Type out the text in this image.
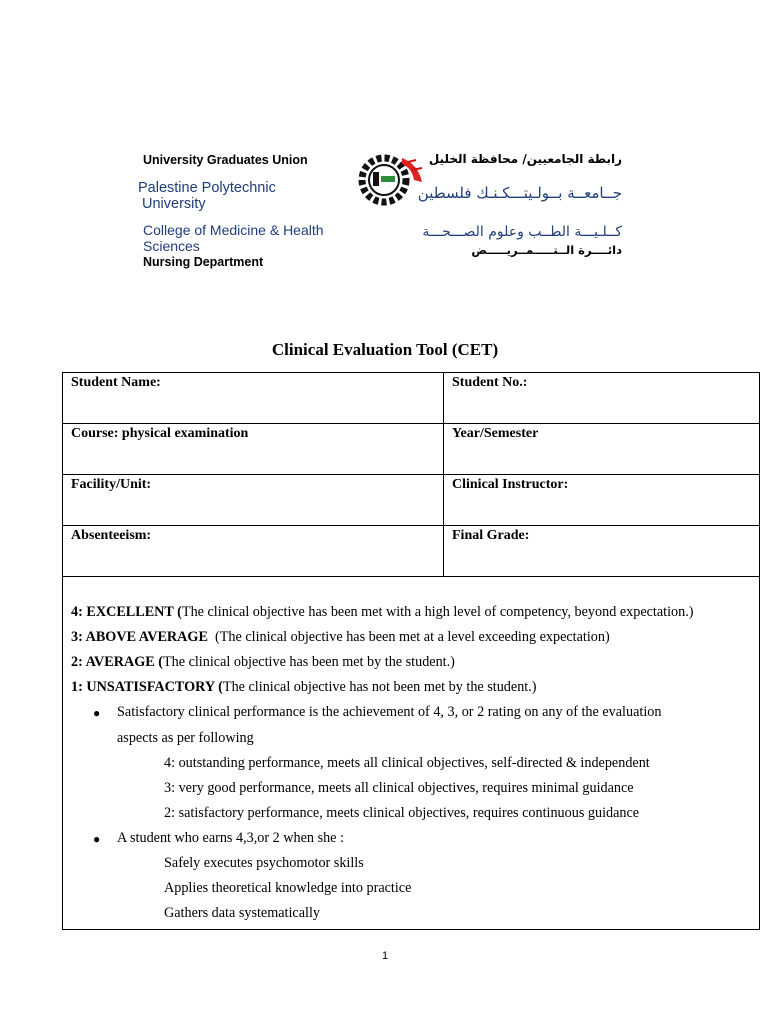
University Graduates Union
Palestine Polytechnic
University
College of Medicine & Health
Sciences
Nursing Department
رابطة الجامعيين/ محافظة الخليل
جــامعــة بــولـيتـــكـنـك فلسطين
كــلـيـــة الطــب وعلوم الصـــحـــة
دائــــرة الــتـــــمــريـــــض
Clinical Evaluation Tool (CET)
Student Name:	Student No.:
Course: physical examination	Year/Semester
Facility/Unit:	Clinical Instructor:
Absenteeism:	Final Grade:
4: EXCELLENT (The clinical objective has been met with a high level of competency, beyond expectation.)
3: ABOVE AVERAGE  (The clinical objective has been met at a level exceeding expectation)
2: AVERAGE (The clinical objective has been met by the student.)
1: UNSATISFACTORY (The clinical objective has not been met by the student.)
● Satisfactory clinical performance is the achievement of 4, 3, or 2 rating on any of the evaluation
aspects as per following
4: outstanding performance, meets all clinical objectives, self-directed & independent
3: very good performance, meets all clinical objectives, requires minimal guidance
2: satisfactory performance, meets clinical objectives, requires continuous guidance
● A student who earns 4,3,or 2 when she :
Safely executes psychomotor skills
Applies theoretical knowledge into practice
Gathers data systematically
1
